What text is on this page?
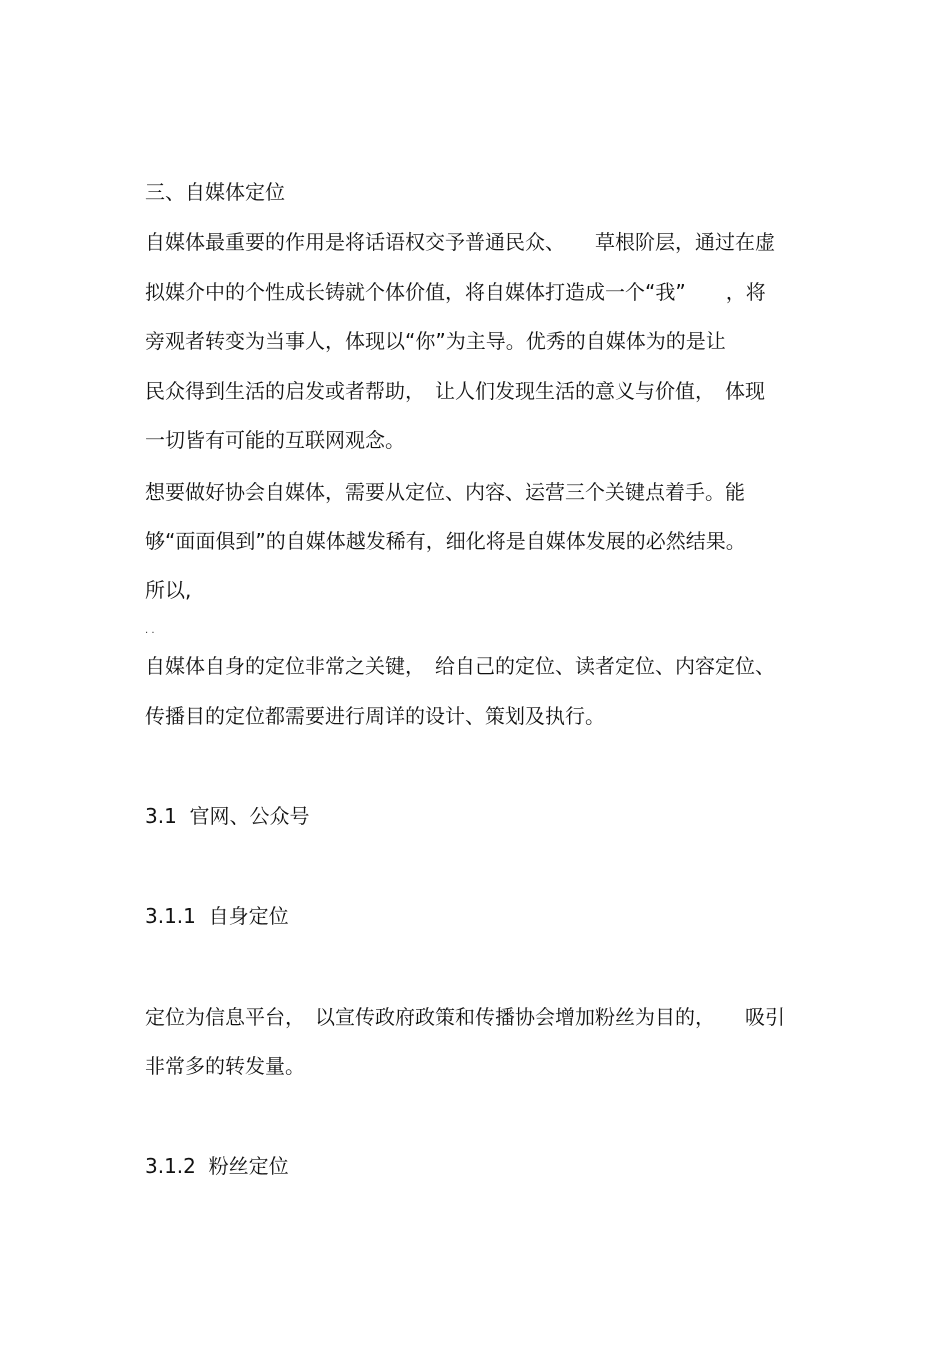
三、自媒体定位
自媒体最重要的作用是将话语权交予普通民众、　　草根阶层，通过在虚
拟媒介中的个性成长铸就个体价值，将自媒体打造成一个“我”　　，将
旁观者转变为当事人，体现以“你”为主导。优秀的自媒体为的是让
民众得到生活的启发或者帮助，　让人们发现生活的意义与价值，　体现
一切皆有可能的互联网观念。
想要做好协会自媒体，需要从定位、内容、运营三个关键点着手。能
够“面面俱到”的自媒体越发稀有，细化将是自媒体发展的必然结果。
所以,
. .
自媒体自身的定位非常之关键，　给自己的定位、读者定位、内容定位、
传播目的定位都需要进行周详的设计、策划及执行。
3.1  官网、公众号
3.1.1  自身定位
定位为信息平台，　以宣传政府政策和传播协会增加粉丝为目的，　　吸引
非常多的转发量。
3.1.2  粉丝定位
